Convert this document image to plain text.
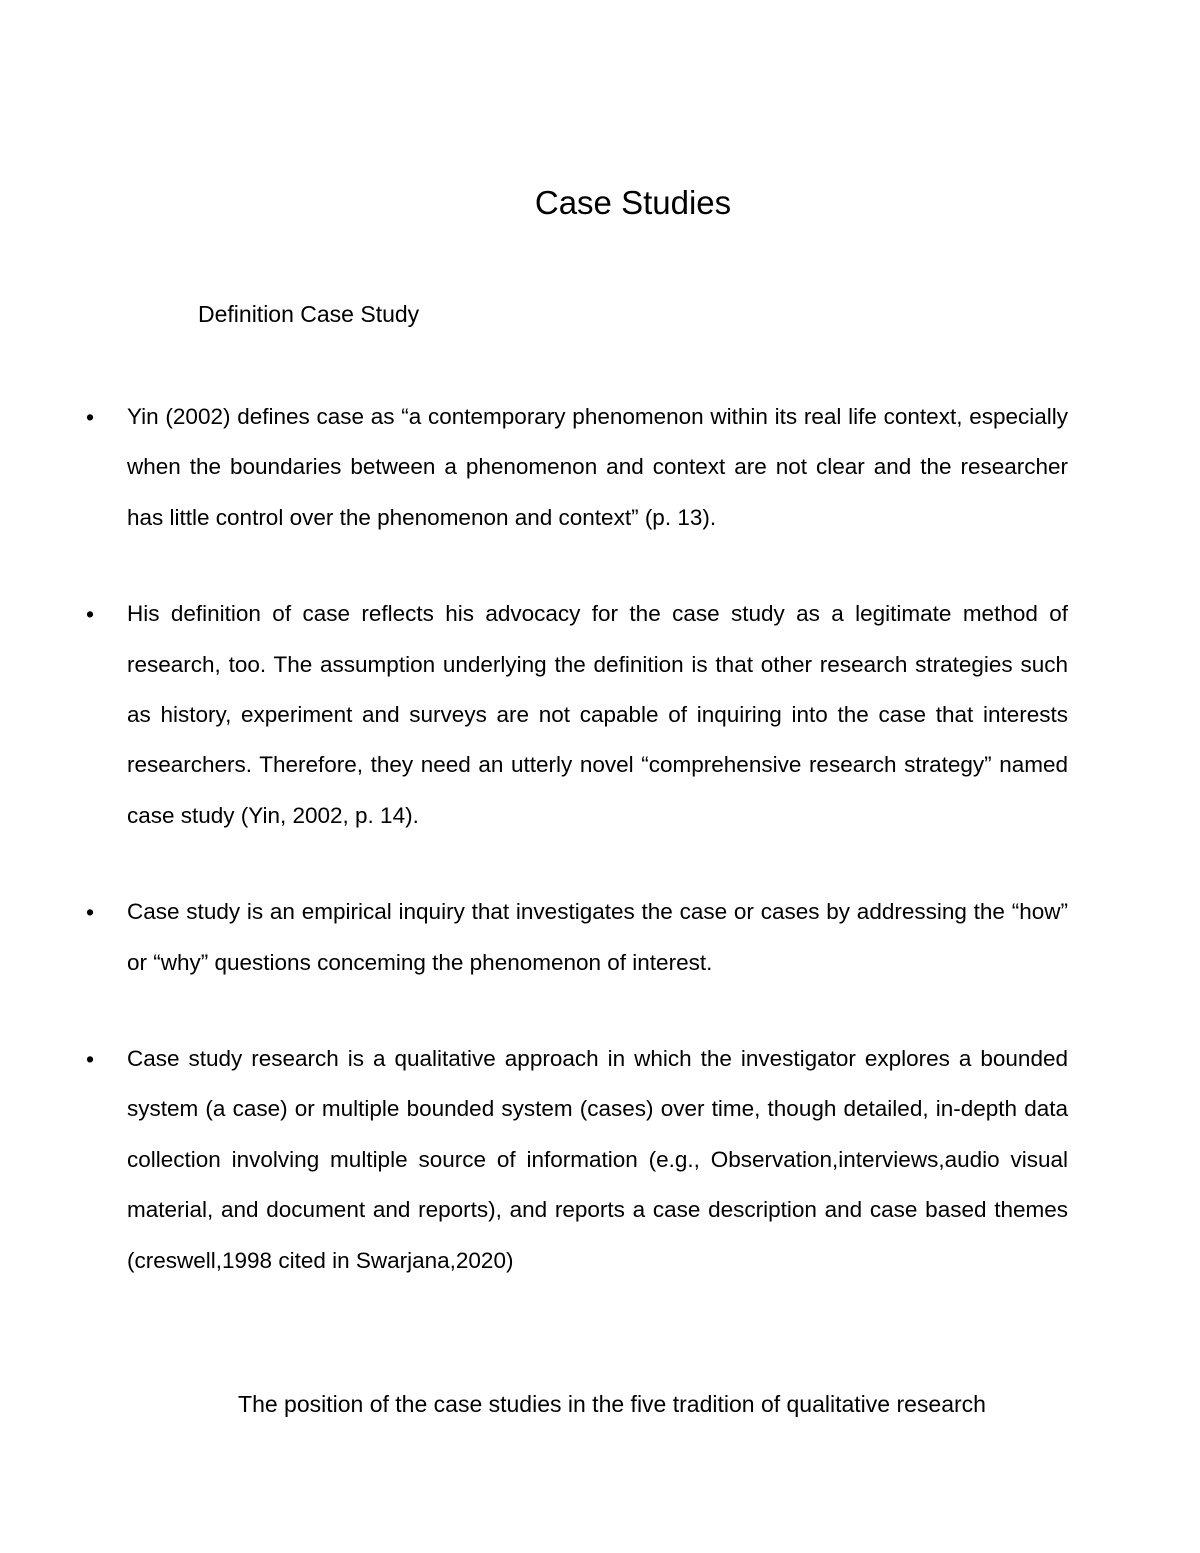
Case Studies
Definition Case Study
•	Yin (2002) defines case as “a contemporary phenomenon within its real life context, especially when the boundaries between a phenomenon and context are not clear and the researcher has little control over the phenomenon and context” (p. 13).
•	His definition of case reflects his advocacy for the case study as a legitimate method of research, too. The assumption underlying the definition is that other research strategies such as history, experiment and surveys are not capable of inquiring into the case that interests researchers. Therefore, they need an utterly novel “comprehensive research strategy” named case study (Yin, 2002, p. 14).
•	Case study is an empirical inquiry that investigates the case or cases by addressing the “how” or “why” questions conceming the phenomenon of interest.
•	Case study research is a qualitative approach in which the investigator explores a bounded system (a case) or multiple bounded system (cases) over time, though detailed, in-depth data collection involving multiple source of information (e.g., Observation,interviews,audio visual material, and document and reports), and reports a case description and case based themes (creswell,1998 cited in Swarjana,2020)
The position of the case studies in the five tradition of qualitative research
